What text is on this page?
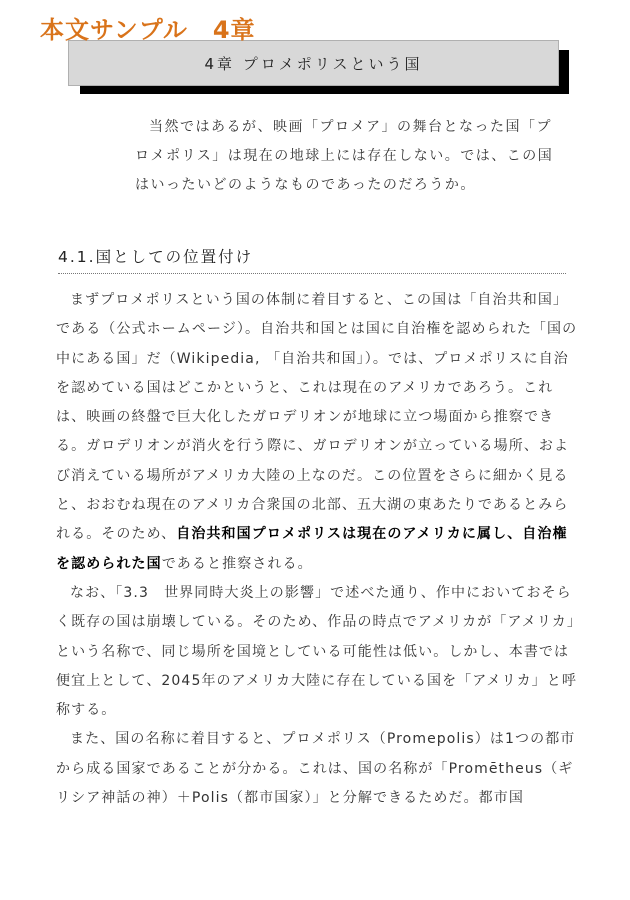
本文サンプル　4章
4章 プロメポリスという国

当然ではあるが、映画「プロメア」の舞台となった国「プロメポリス」は現在の地球上には存在しない。では、この国はいったいどのようなものであったのだろうか。

4.1.国としての位置付け

まずプロメポリスという国の体制に着目すると、この国は「自治共和国」である（公式ホームページ）。自治共和国とは国に自治権を認められた「国の中にある国」だ（Wikipedia, 「自治共和国」）。では、プロメポリスに自治を認めている国はどこかというと、これは現在のアメリカであろう。これは、映画の終盤で巨大化したガロデリオンが地球に立つ場面から推察できる。ガロデリオンが消火を行う際に、ガロデリオンが立っている場所、および消えている場所がアメリカ大陸の上なのだ。この位置をさらに細かく見ると、おおむね現在のアメリカ合衆国の北部、五大湖の東あたりであるとみられる。そのため、自治共和国プロメポリスは現在のアメリカに属し、自治権を認められた国であると推察される。

なお、「3.3　世界同時大炎上の影響」で述べた通り、作中においておそらく既存の国は崩壊している。そのため、作品の時点でアメリカが「アメリカ」という名称で、同じ場所を国境としている可能性は低い。しかし、本書では便宜上として、2045年のアメリカ大陸に存在している国を「アメリカ」と呼称する。

また、国の名称に着目すると、プロメポリス（Promepolis）は1つの都市から成る国家であることが分かる。これは、国の名称が「Promētheus（ギリシア神話の神）＋Polis（都市国家）」と分解できるためだ。都市国
